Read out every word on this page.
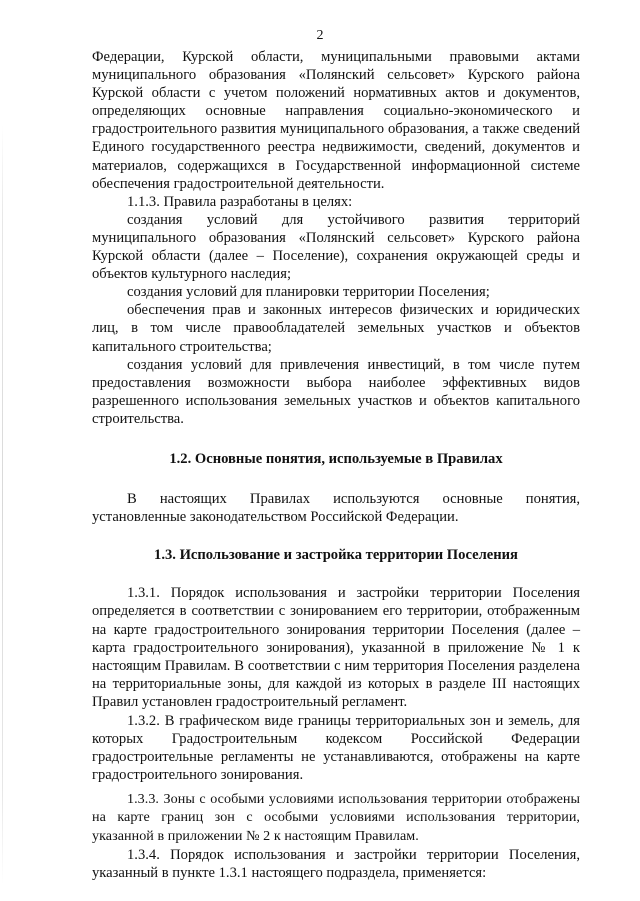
2

Федерации, Курской области, муниципальными правовыми актами муниципального образования «Полянский сельсовет» Курского района Курской области с учетом положений нормативных актов и документов, определяющих основные направления социально-экономического и градостроительного развития муниципального образования, а также сведений Единого государственного реестра недвижимости, сведений, документов и материалов, содержащихся в Государственной информационной системе обеспечения градостроительной деятельности.

1.1.3. Правила разработаны в целях:

создания условий для устойчивого развития территорий муниципального образования «Полянский сельсовет» Курского района Курской области (далее – Поселение), сохранения окружающей среды и объектов культурного наследия;

создания условий для планировки территории Поселения;

обеспечения прав и законных интересов физических и юридических лиц, в том числе правообладателей земельных участков и объектов капитального строительства;

создания условий для привлечения инвестиций, в том числе путем предоставления возможности выбора наиболее эффективных видов разрешенного использования земельных участков и объектов капитального строительства.

1.2. Основные понятия, используемые в Правилах

В настоящих Правилах используются основные понятия, установленные законодательством Российской Федерации.

1.3. Использование и застройка территории Поселения

1.3.1. Порядок использования и застройки территории Поселения определяется в соответствии с зонированием его территории, отображенным на карте градостроительного зонирования территории Поселения (далее – карта градостроительного зонирования), указанной в приложение № 1 к настоящим Правилам. В соответствии с ним территория Поселения разделена на территориальные зоны, для каждой из которых в разделе III настоящих Правил установлен градостроительный регламент.

1.3.2. В графическом виде границы территориальных зон и земель, для которых Градостроительным кодексом Российской Федерации градостроительные регламенты не устанавливаются, отображены на карте градостроительного зонирования.

1.3.3. Зоны с особыми условиями использования территории отображены на карте границ зон с особыми условиями использования территории, указанной в приложении № 2 к настоящим Правилам.

1.3.4. Порядок использования и застройки территории Поселения, указанный в пункте 1.3.1 настоящего подраздела, применяется:
